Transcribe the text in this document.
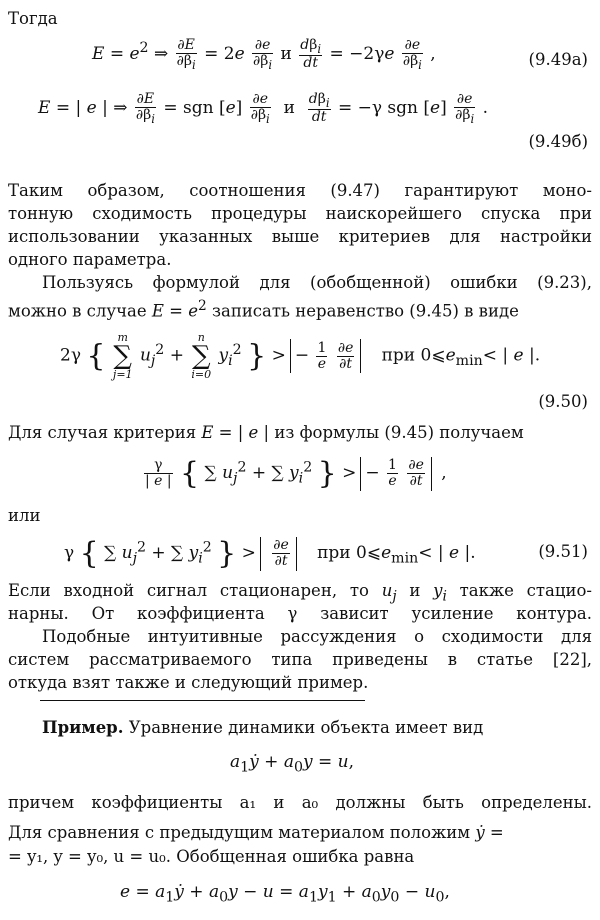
Тогда
$E = e^2$ ⇒ $\frac{\partial E}{\partial\beta_i} = 2e \frac{\partial e}{\partial\beta_i}$ и $\frac{d\beta_i}{dt} = -2\gamma e \frac{\partial e}{\partial\beta_i}$ ,	(9.49а)
E = | e | ⇒ $\frac{\partial E}{\partial\beta_i}$ = sgn $[e] \frac{\partial e}{\partial\beta_i}$ и $\frac{d\beta_i}{dt} = -\gamma$ sgn $[e] \frac{\partial e}{\partial\beta_i}$ .
(9.49б)
Таким образом, соотношения (9.47) гарантируют моно-
тонную сходимость процедуры наискорейшего спуска при
использовании указанных выше критериев для настройки
одного параметра.
Пользуясь формулой для (обобщенной) ошибки (9.23),
можно в случае $E = e^2$ записать неравенство (9.45) в виде
2γ {
m
∑
j=1
$u_j^2$ +
n
∑
i=0
$y_i^2$ } > − $\frac{1}{e}$
$\frac{\partial e}{\partial t}$ при $0⩽e_{min}<$ | e |.
(9.50)
Для случая критерия E = | e | из формулы (9.45) получаем
$\frac{\gamma}{| e |}$ { ∑ $u_j^2$ + ∑ $y_i^2$ } > − $\frac{1}{e}$
$\frac{\partial e}{\partial t}$ ,
или
γ { ∑ $u_j^2$ + ∑ $y_i^2$ } > $\frac{\partial e}{\partial t}$ при $0⩽e_{min}<$ | e |.	(9.51)
Если входной сигнал стационарен, то $u_j$ и $y_i$ также стацио-
нарны. От коэффициента γ зависит усиление контура.
Подобные интуитивные рассуждения о сходимости для
систем рассматриваемого типа приведены в статье [22],
откуда взят также и следующий пример.
Пример. Уравнение динамики объекта имеет вид
$a_1ẏ + a_0y = u$,
причем коэффициенты a₁ и a₀ должны быть определены.
Для сравнения с предыдущим материалом положим ẏ =
= y₁, y = y₀, u = u₀. Обобщенная ошибка равна
$e = a_1ẏ + a_0y - u = a_1y_1 + a_0y_0 - u_0$,
